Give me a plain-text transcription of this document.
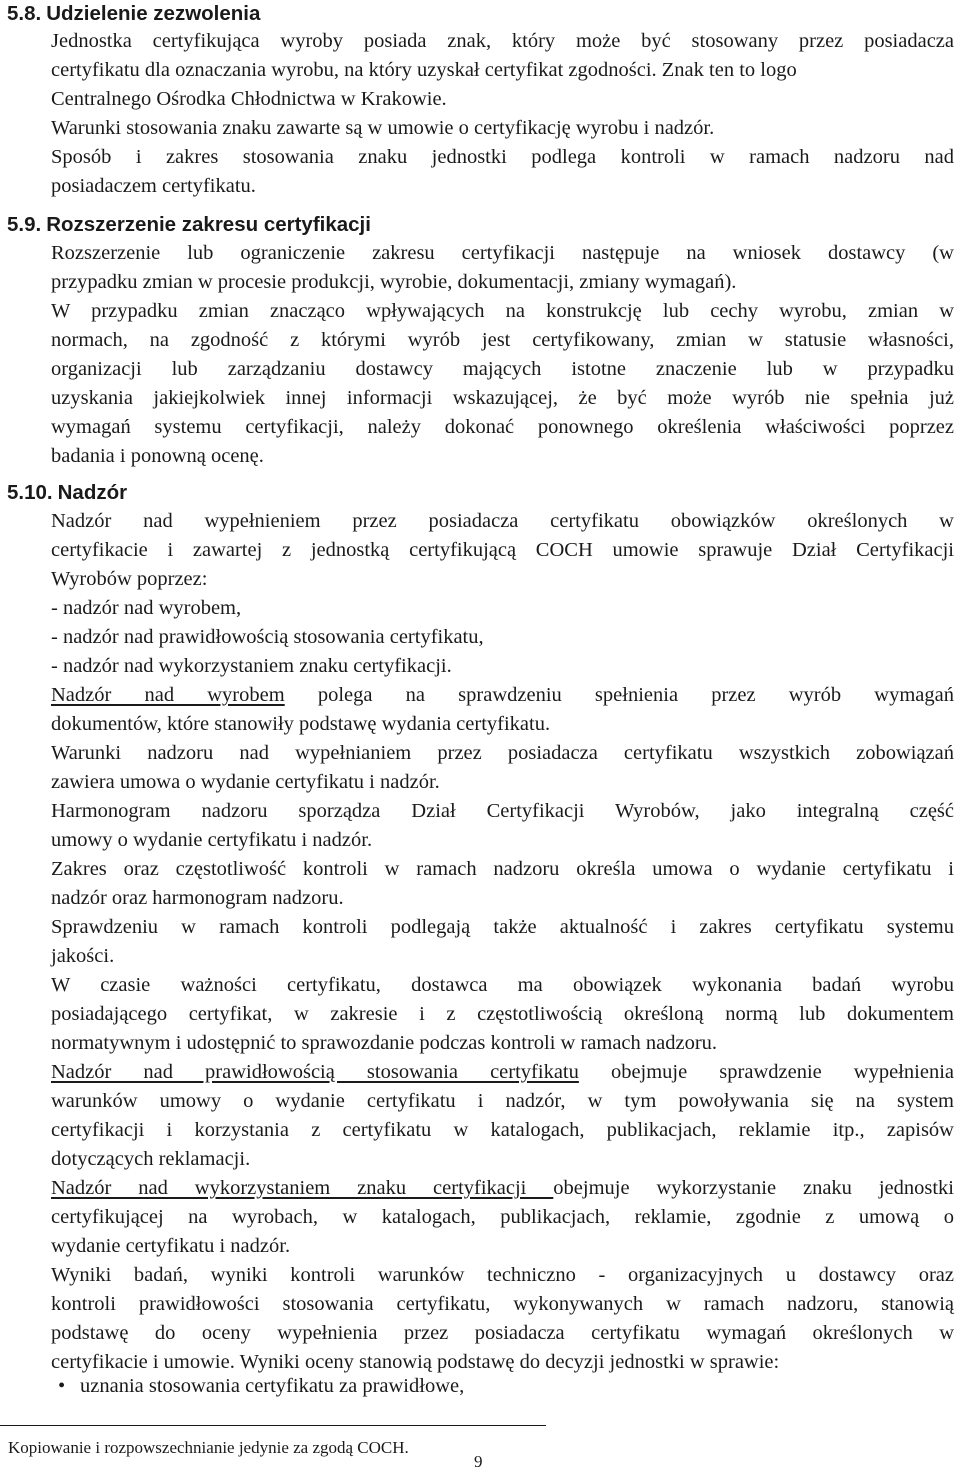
5.8. Udzielenie zezwolenia
Jednostka certyfikująca wyroby posiada znak, który może być stosowany przez posiadacza
certyfikatu dla oznaczania wyrobu, na który uzyskał certyfikat zgodności. Znak ten to logo
Centralnego Ośrodka Chłodnictwa w Krakowie.
Warunki stosowania znaku zawarte są w umowie o certyfikację wyrobu i nadzór.
Sposób i zakres stosowania znaku jednostki podlega kontroli w ramach nadzoru nad
posiadaczem certyfikatu.
5.9. Rozszerzenie zakresu certyfikacji
Rozszerzenie lub ograniczenie zakresu certyfikacji następuje na wniosek dostawcy (w
przypadku zmian w procesie produkcji, wyrobie, dokumentacji, zmiany wymagań).
W przypadku zmian znacząco wpływających na konstrukcję lub cechy wyrobu, zmian w
normach, na zgodność z którymi wyrób jest certyfikowany, zmian w statusie własności,
organizacji lub zarządzaniu dostawcy mających istotne znaczenie lub w przypadku
uzyskania jakiejkolwiek innej informacji wskazującej, że być może wyrób nie spełnia już
wymagań systemu certyfikacji, należy dokonać ponownego określenia właściwości poprzez
badania i ponowną ocenę.
5.10. Nadzór
Nadzór nad wypełnieniem przez posiadacza certyfikatu obowiązków określonych w
certyfikacie i zawartej z jednostką certyfikującą COCH umowie sprawuje Dział Certyfikacji
Wyrobów poprzez:
- nadzór nad wyrobem,
- nadzór nad prawidłowością stosowania certyfikatu,
- nadzór nad wykorzystaniem znaku certyfikacji.
Nadzór nad wyrobem polega na sprawdzeniu spełnienia przez wyrób wymagań
dokumentów, które stanowiły podstawę wydania certyfikatu.
Warunki nadzoru nad wypełnianiem przez posiadacza certyfikatu wszystkich zobowiązań
zawiera umowa o wydanie certyfikatu i nadzór.
Harmonogram nadzoru sporządza Dział Certyfikacji Wyrobów, jako integralną część
umowy o wydanie certyfikatu i nadzór.
Zakres oraz częstotliwość kontroli w ramach nadzoru określa umowa o wydanie certyfikatu i
nadzór oraz harmonogram nadzoru.
Sprawdzeniu w ramach kontroli podlegają także aktualność i zakres certyfikatu systemu
jakości.
W czasie ważności certyfikatu, dostawca ma obowiązek wykonania badań wyrobu
posiadającego certyfikat, w zakresie i z częstotliwością określoną normą lub dokumentem
normatywnym i udostępnić to sprawozdanie podczas kontroli w ramach nadzoru.
Nadzór nad prawidłowością stosowania certyfikatu obejmuje sprawdzenie wypełnienia
warunków umowy o wydanie certyfikatu i nadzór, w tym powoływania się na system
certyfikacji i korzystania z certyfikatu w katalogach, publikacjach, reklamie itp., zapisów
dotyczących reklamacji.
Nadzór nad wykorzystaniem znaku certyfikacji obejmuje wykorzystanie znaku jednostki
certyfikującej na wyrobach, w katalogach, publikacjach, reklamie, zgodnie z umową o
wydanie certyfikatu i nadzór.
Wyniki badań, wyniki kontroli warunków techniczno - organizacyjnych u dostawcy oraz
kontroli prawidłowości stosowania certyfikatu, wykonywanych w ramach nadzoru, stanowią
podstawę do oceny wypełnienia przez posiadacza certyfikatu wymagań określonych w
certyfikacie i umowie. Wyniki oceny stanowią podstawę do decyzji jednostki w sprawie:
• uznania stosowania certyfikatu za prawidłowe,
Kopiowanie i rozpowszechnianie jedynie za zgodą COCH.
9
